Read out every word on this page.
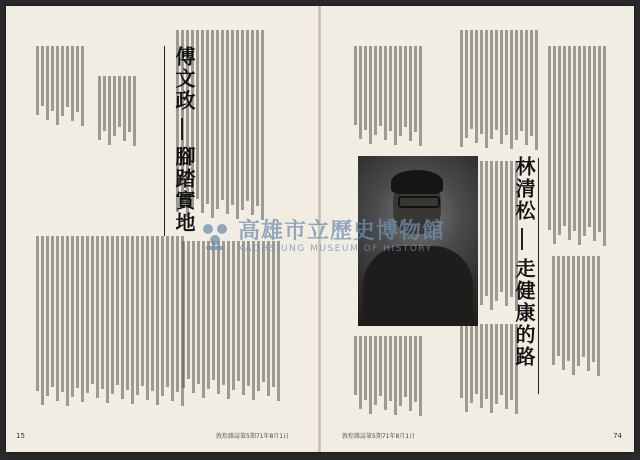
傅文政
腳踏實地
15	敦煌雜誌第5期71年8月1日
林清松
走健康的路
74
敦煌雜誌第5期71年8月1日
高雄市立歷史博物館
KAOHSIUNG MUSEUM OF HISTORY
